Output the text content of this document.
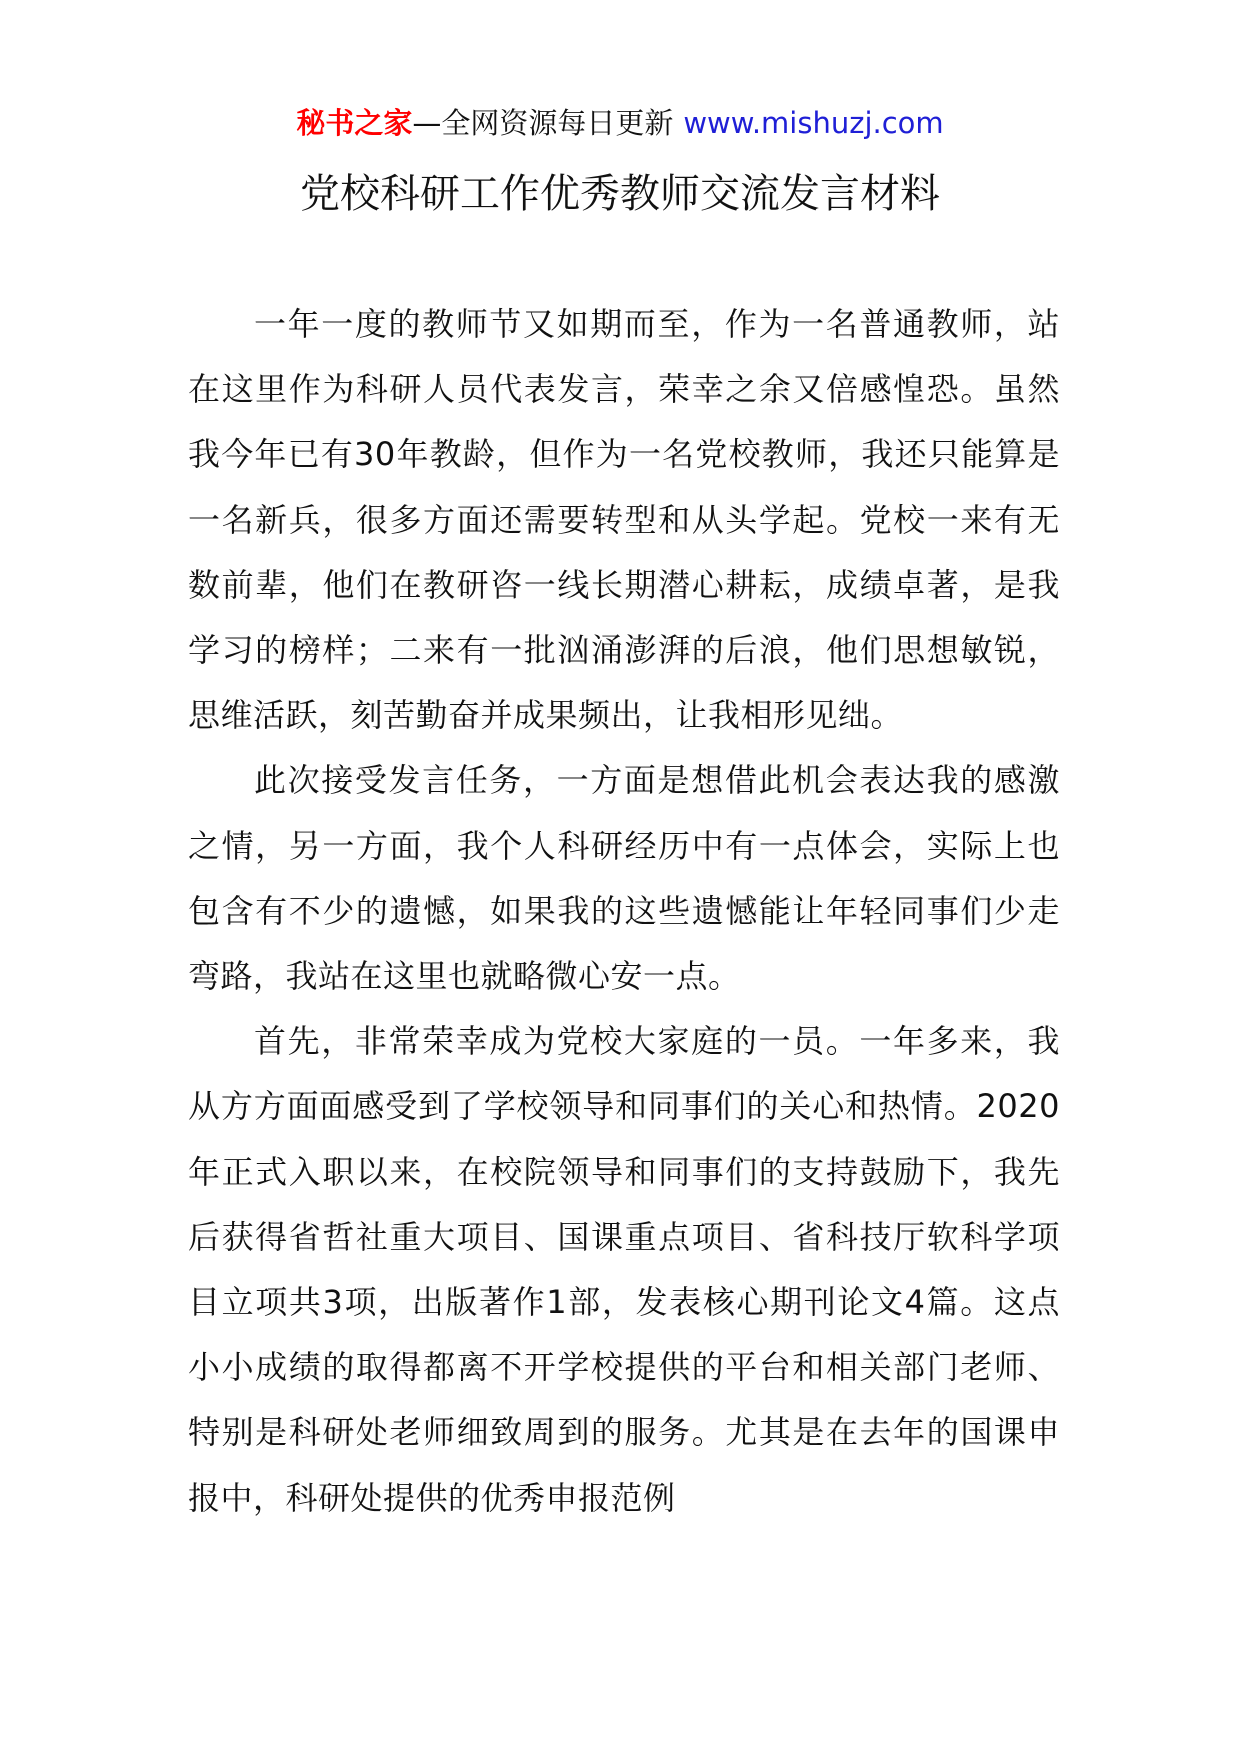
秘书之家—全网资源每日更新 www.mishuzj.com
党校科研工作优秀教师交流发言材料

一年一度的教师节又如期而至，作为一名普通教师，站在这里作为科研人员代表发言，荣幸之余又倍感惶恐。虽然我今年已有30年教龄，但作为一名党校教师，我还只能算是一名新兵，很多方面还需要转型和从头学起。党校一来有无数前辈，他们在教研咨一线长期潜心耕耘，成绩卓著，是我学习的榜样；二来有一批汹涌澎湃的后浪，他们思想敏锐，思维活跃，刻苦勤奋并成果频出，让我相形见绌。

此次接受发言任务，一方面是想借此机会表达我的感激之情，另一方面，我个人科研经历中有一点体会，实际上也包含有不少的遗憾，如果我的这些遗憾能让年轻同事们少走弯路，我站在这里也就略微心安一点。

首先，非常荣幸成为党校大家庭的一员。一年多来，我从方方面面感受到了学校领导和同事们的关心和热情。2020年正式入职以来，在校院领导和同事们的支持鼓励下，我先后获得省哲社重大项目、国课重点项目、省科技厅软科学项目立项共3项，出版著作1部，发表核心期刊论文4篇。这点小小成绩的取得都离不开学校提供的平台和相关部门老师、特别是科研处老师细致周到的服务。尤其是在去年的国课申报中，科研处提供的优秀申报范例
